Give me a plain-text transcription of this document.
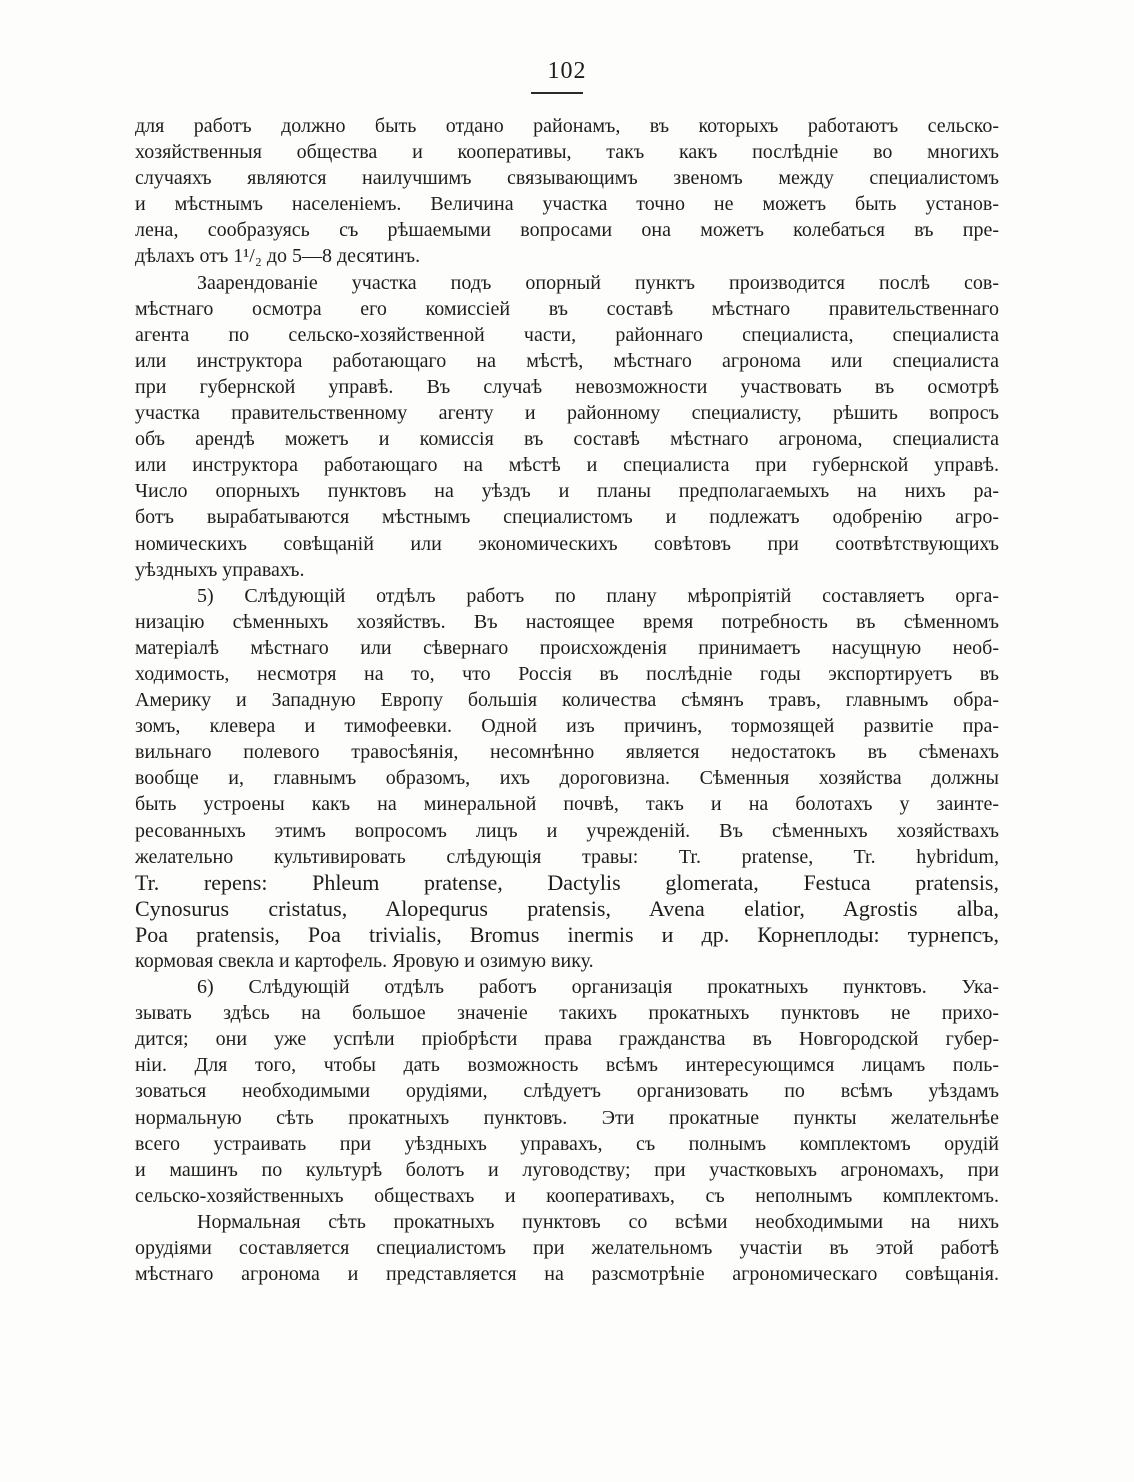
102
для работъ должно быть отдано районамъ, въ которыхъ работаютъ сельско-
хозяйственныя общества и кооперативы, такъ какъ послѣднiе во многихъ
случаяхъ являются наилучшимъ связывающимъ звеномъ между специалистомъ
и мѣстнымъ населенiемъ. Величина участка точно не можетъ быть установ-
лена, сообразуясь съ рѣшаемыми вопросами она можетъ колебаться въ пре-
дѣлахъ отъ 1¹/₂ до 5—8 десятинъ.
Заарендованiе участка подъ опорный пунктъ производится послѣ сов-
мѣстнаго осмотра его комиссiей въ составѣ мѣстнаго правительственнаго
агента по сельско-хозяйственной части, районнаго специалиста, специалиста
или инструктора работающаго на мѣстѣ, мѣстнаго агронома или специалиста
при губернской управѣ. Въ случаѣ невозможности участвовать въ осмотрѣ
участка правительственному агенту и районному специалисту, рѣшить вопросъ
объ арендѣ можетъ и комиссiя въ составѣ мѣстнаго агронома, специалиста
или инструктора работающаго на мѣстѣ и специалиста при губернской управѣ.
Число опорныхъ пунктовъ на уѣздъ и планы предполагаемыхъ на нихъ ра-
ботъ вырабатываются мѣстнымъ специалистомъ и подлежатъ одобренiю агро-
номическихъ совѣщанiй или экономическихъ совѣтовъ при соотвѣтствующихъ
уѣздныхъ управахъ.
5) Слѣдующiй отдѣлъ работъ по плану мѣропрiятiй составляетъ орга-
низацiю сѣменныхъ хозяйствъ. Въ настоящее время потребность въ сѣменномъ
матерiалѣ мѣстнаго или сѣвернаго происхожденiя принимаетъ насущную необ-
ходимость, несмотря на то, что Россiя въ послѣднiе годы экспортируетъ въ
Америку и Западную Европу большiя количества сѣмянъ травъ, главнымъ обра-
зомъ, клевера и тимофеевки. Одной изъ причинъ, тормозящей развитiе пра-
вильнаго полевого травосѣянiя, несомнѣнно является недостатокъ въ сѣменахъ
вообще и, главнымъ образомъ, ихъ дороговизна. Сѣменныя хозяйства должны
быть устроены какъ на минеральной почвѣ, такъ и на болотахъ у заинте-
ресованныхъ этимъ вопросомъ лицъ и учрежденiй. Въ сѣменныхъ хозяйствахъ
желательно культивировать слѣдующiя травы: Tr. pratense, Tr. hybridum,
Tr. repens: Phleum pratense, Dactylis glomerata, Festuca pratensis,
Cynosurus cristatus, Alopequrus pratensis, Avena elatior, Agrostis alba,
Poa pratensis, Poa trivialis, Bromus inermis и др. Корнеплоды: турнепсъ,
кормовая свекла и картофель. Яровую и озимую вику.
6) Слѣдующiй отдѣлъ работъ организацiя прокатныхъ пунктовъ. Ука-
зывать здѣсь на большое значенiе такихъ прокатныхъ пунктовъ не прихо-
дится; они уже успѣли прiобрѣсти права гражданства въ Новгородской губер-
нiи. Для того, чтобы дать возможность всѣмъ интересующимся лицамъ поль-
зоваться необходимыми орудiями, слѣдуетъ организовать по всѣмъ уѣздамъ
нормальную сѣть прокатныхъ пунктовъ. Эти прокатные пункты желательнѣе
всего устраивать при уѣздныхъ управахъ, съ полнымъ комплектомъ орудiй
и машинъ по культурѣ болотъ и луговодству; при участковыхъ агрономахъ, при
сельско-хозяйственныхъ обществахъ и кооперативахъ, съ неполнымъ комплектомъ.
Нормальная сѣть прокатныхъ пунктовъ со всѣми необходимыми на нихъ
орудiями составляется специалистомъ при желательномъ участiи въ этой работѣ
мѣстнаго агронома и представляется на разсмотрѣнiе агрономическаго совѣщанiя.
